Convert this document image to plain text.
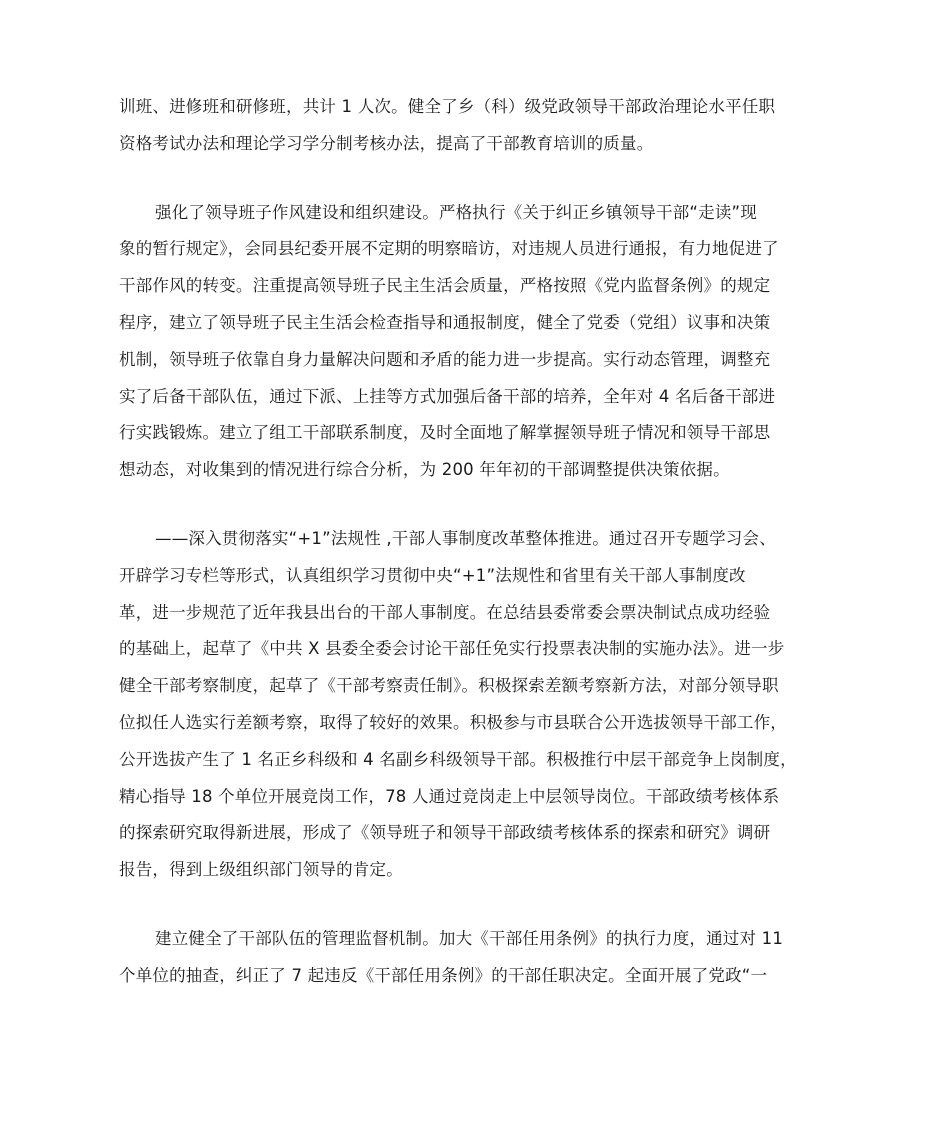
训班、进修班和研修班，共计 1 人次。健全了乡（科）级党政领导干部政治理论水平任职
资格考试办法和理论学习学分制考核办法，提高了干部教育培训的质量。
强化了领导班子作风建设和组织建设。严格执行《关于纠正乡镇领导干部“走读”现
象的暂行规定》，会同县纪委开展不定期的明察暗访，对违规人员进行通报，有力地促进了
干部作风的转变。注重提高领导班子民主生活会质量，严格按照《党内监督条例》的规定
程序，建立了领导班子民主生活会检查指导和通报制度，健全了党委（党组）议事和决策
机制，领导班子依靠自身力量解决问题和矛盾的能力进一步提高。实行动态管理，调整充
实了后备干部队伍，通过下派、上挂等方式加强后备干部的培养，全年对 4 名后备干部进
行实践锻炼。建立了组工干部联系制度，及时全面地了解掌握领导班子情况和领导干部思
想动态，对收集到的情况进行综合分析，为 200 年年初的干部调整提供决策依据。
——深入贯彻落实“+1”法规性 ,干部人事制度改革整体推进。通过召开专题学习会、
开辟学习专栏等形式，认真组织学习贯彻中央“+1”法规性和省里有关干部人事制度改
革，进一步规范了近年我县出台的干部人事制度。在总结县委常委会票决制试点成功经验
的基础上，起草了《中共 X 县委全委会讨论干部任免实行投票表决制的实施办法》。进一步
健全干部考察制度，起草了《干部考察责任制》。积极探索差额考察新方法，对部分领导职
位拟任人选实行差额考察，取得了较好的效果。积极参与市县联合公开选拔领导干部工作，
公开选拔产生了 1 名正乡科级和 4 名副乡科级领导干部。积极推行中层干部竞争上岗制度，
精心指导 18 个单位开展竞岗工作，78 人通过竞岗走上中层领导岗位。干部政绩考核体系
的探索研究取得新进展，形成了《领导班子和领导干部政绩考核体系的探索和研究》调研
报告，得到上级组织部门领导的肯定。
建立健全了干部队伍的管理监督机制。加大《干部任用条例》的执行力度，通过对 11
个单位的抽查，纠正了 7 起违反《干部任用条例》的干部任职决定。全面开展了党政“一
